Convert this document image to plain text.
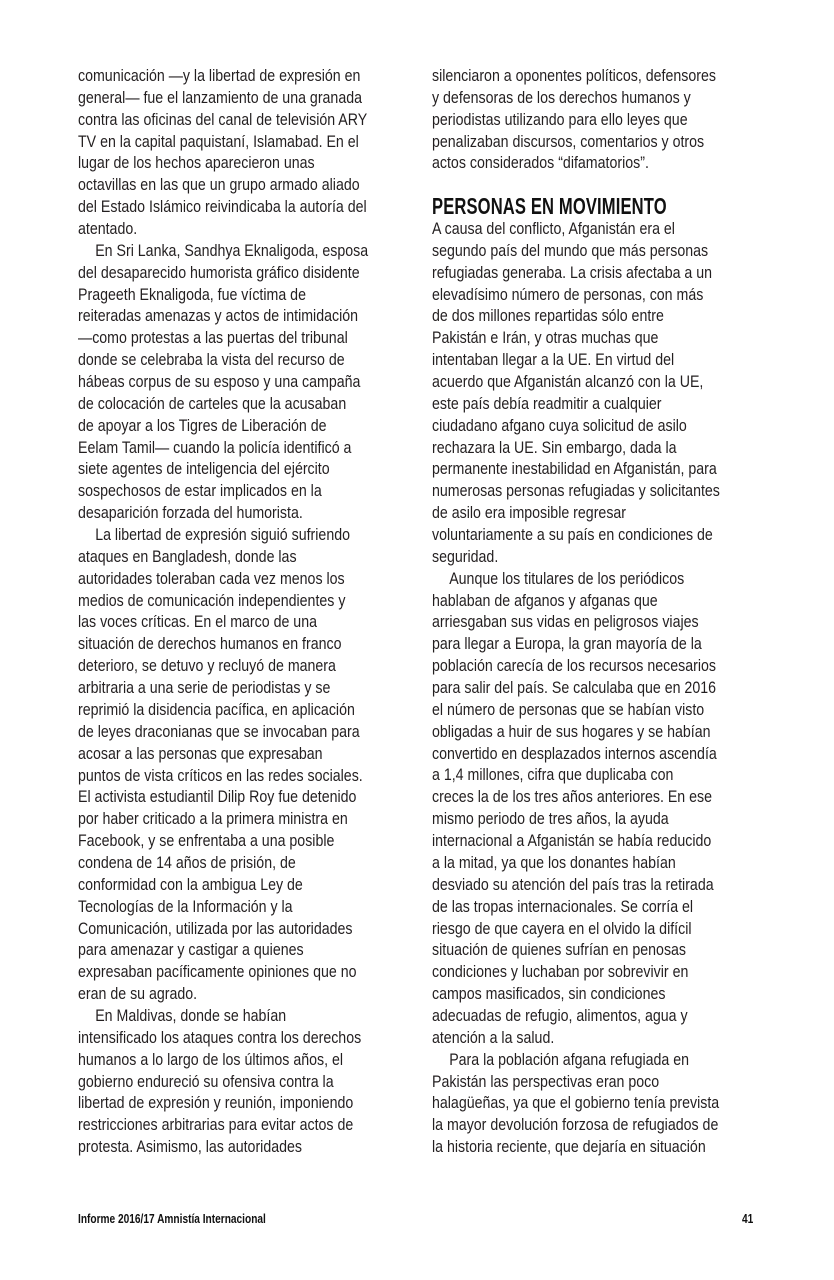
comunicación —y la libertad de expresión en
general— fue el lanzamiento de una granada
contra las oficinas del canal de televisión ARY
TV en la capital paquistaní, Islamabad. En el
lugar de los hechos aparecieron unas
octavillas en las que un grupo armado aliado
del Estado Islámico reivindicaba la autoría del
atentado.
En Sri Lanka, Sandhya Eknaligoda, esposa
del desaparecido humorista gráfico disidente
Prageeth Eknaligoda, fue víctima de
reiteradas amenazas y actos de intimidación
—como protestas a las puertas del tribunal
donde se celebraba la vista del recurso de
hábeas corpus de su esposo y una campaña
de colocación de carteles que la acusaban
de apoyar a los Tigres de Liberación de
Eelam Tamil— cuando la policía identificó a
siete agentes de inteligencia del ejército
sospechosos de estar implicados en la
desaparición forzada del humorista.
La libertad de expresión siguió sufriendo
ataques en Bangladesh, donde las
autoridades toleraban cada vez menos los
medios de comunicación independientes y
las voces críticas. En el marco de una
situación de derechos humanos en franco
deterioro, se detuvo y recluyó de manera
arbitraria a una serie de periodistas y se
reprimió la disidencia pacífica, en aplicación
de leyes draconianas que se invocaban para
acosar a las personas que expresaban
puntos de vista críticos en las redes sociales.
El activista estudiantil Dilip Roy fue detenido
por haber criticado a la primera ministra en
Facebook, y se enfrentaba a una posible
condena de 14 años de prisión, de
conformidad con la ambigua Ley de
Tecnologías de la Información y la
Comunicación, utilizada por las autoridades
para amenazar y castigar a quienes
expresaban pacíficamente opiniones que no
eran de su agrado.
En Maldivas, donde se habían
intensificado los ataques contra los derechos
humanos a lo largo de los últimos años, el
gobierno endureció su ofensiva contra la
libertad de expresión y reunión, imponiendo
restricciones arbitrarias para evitar actos de
protesta. Asimismo, las autoridades
silenciaron a oponentes políticos, defensores
y defensoras de los derechos humanos y
periodistas utilizando para ello leyes que
penalizaban discursos, comentarios y otros
actos considerados “difamatorios”.
PERSONAS EN MOVIMIENTO
A causa del conflicto, Afganistán era el
segundo país del mundo que más personas
refugiadas generaba. La crisis afectaba a un
elevadísimo número de personas, con más
de dos millones repartidas sólo entre
Pakistán e Irán, y otras muchas que
intentaban llegar a la UE. En virtud del
acuerdo que Afganistán alcanzó con la UE,
este país debía readmitir a cualquier
ciudadano afgano cuya solicitud de asilo
rechazara la UE. Sin embargo, dada la
permanente inestabilidad en Afganistán, para
numerosas personas refugiadas y solicitantes
de asilo era imposible regresar
voluntariamente a su país en condiciones de
seguridad.
Aunque los titulares de los periódicos
hablaban de afganos y afganas que
arriesgaban sus vidas en peligrosos viajes
para llegar a Europa, la gran mayoría de la
población carecía de los recursos necesarios
para salir del país. Se calculaba que en 2016
el número de personas que se habían visto
obligadas a huir de sus hogares y se habían
convertido en desplazados internos ascendía
a 1,4 millones, cifra que duplicaba con
creces la de los tres años anteriores. En ese
mismo periodo de tres años, la ayuda
internacional a Afganistán se había reducido
a la mitad, ya que los donantes habían
desviado su atención del país tras la retirada
de las tropas internacionales. Se corría el
riesgo de que cayera en el olvido la difícil
situación de quienes sufrían en penosas
condiciones y luchaban por sobrevivir en
campos masificados, sin condiciones
adecuadas de refugio, alimentos, agua y
atención a la salud.
Para la población afgana refugiada en
Pakistán las perspectivas eran poco
halagüeñas, ya que el gobierno tenía prevista
la mayor devolución forzosa de refugiados de
la historia reciente, que dejaría en situación
Informe 2016/17 Amnistía Internacional	41
